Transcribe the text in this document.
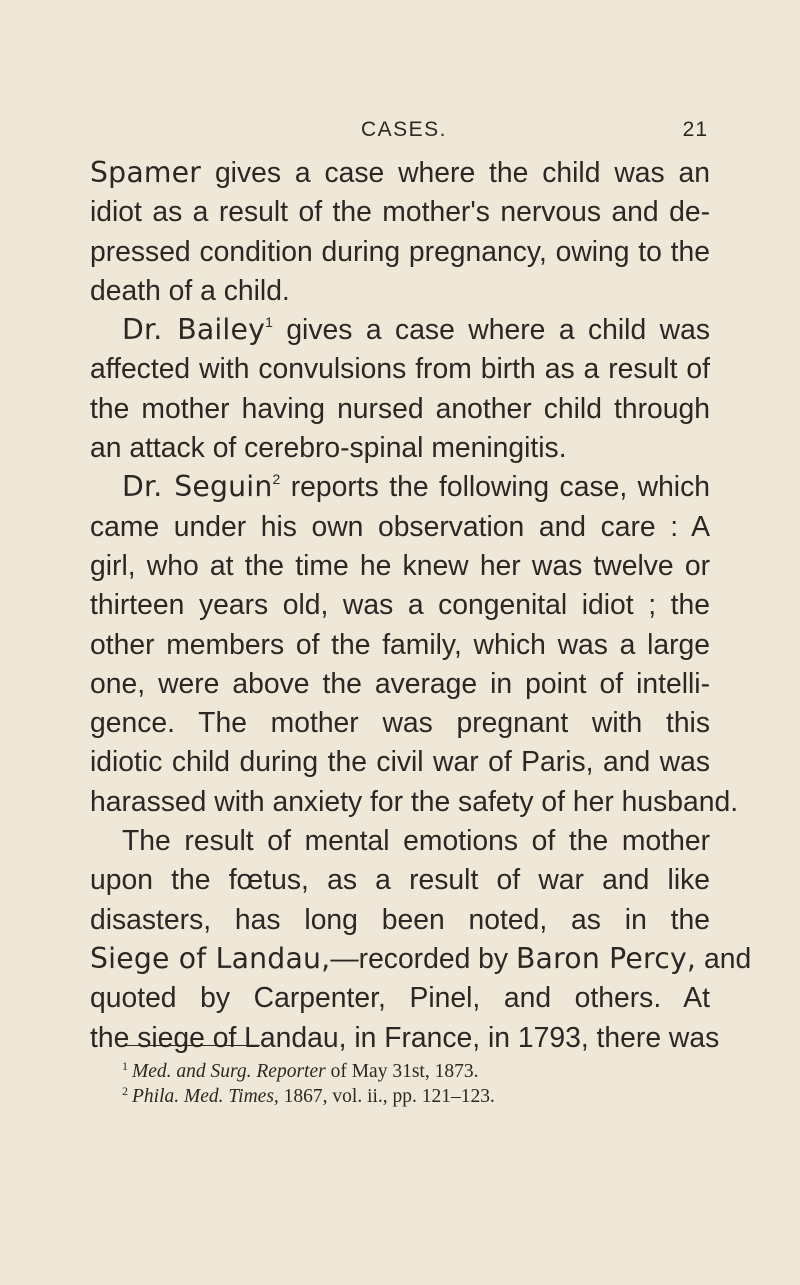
CASES.	21
Spamer gives a case where the child was an
idiot as a result of the mother's nervous and de-
pressed condition during pregnancy, owing to the
death of a child.
Dr. Bailey$^1$ gives a case where a child was
affected with convulsions from birth as a result of
the mother having nursed another child through
an attack of cerebro-spinal meningitis.
Dr. Seguin$^2$ reports the following case, which
came under his own observation and care : A
girl, who at the time he knew her was twelve or
thirteen years old, was a congenital idiot ; the
other members of the family, which was a large
one, were above the average in point of intelli-
gence. The mother was pregnant with this
idiotic child during the civil war of Paris, and was
harassed with anxiety for the safety of her husband.
The result of mental emotions of the mother
upon the fœtus, as a result of war and like
disasters, has long been noted, as in the
Siege of Landau,—recorded by Baron Percy, and
quoted by Carpenter, Pinel, and others. At
the siege of Landau, in France, in 1793, there was
$^1$ Med. and Surg. Reporter of May 31st, 1873.
$^2$ Phila. Med. Times, 1867, vol. ii., pp. 121–123.
